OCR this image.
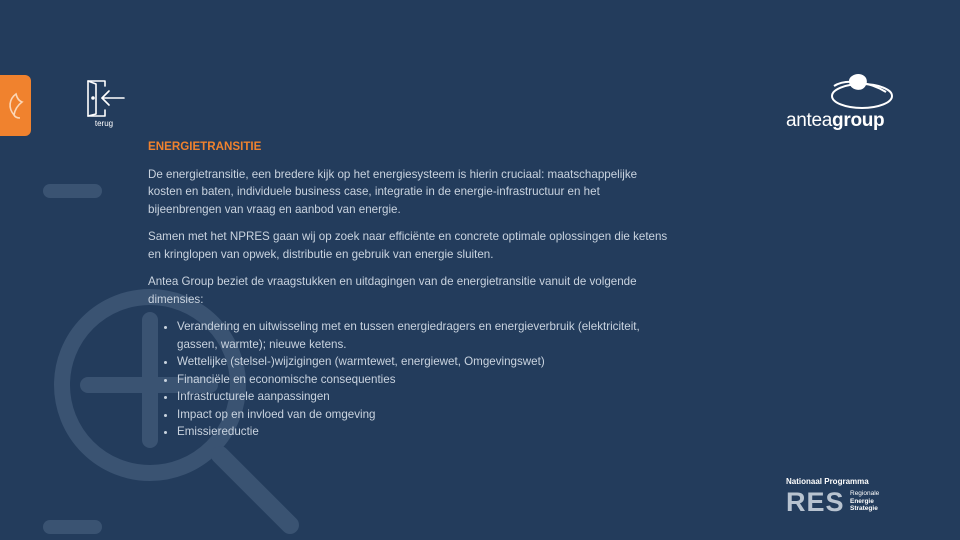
terug	anteagroup
ENERGIETRANSITIE

De energietransitie, een bredere kijk op het energiesysteem is hierin cruciaal: maatschappelijke kosten en baten, individuele business case, integratie in de energie-infrastructuur en het bijeenbrengen van vraag en aanbod van energie.

Samen met het NPRES gaan wij op zoek naar efficiënte en concrete optimale oplossingen die ketens en kringlopen van opwek, distributie en gebruik van energie sluiten.

Antea Group beziet de vraagstukken en uitdagingen van de energietransitie vanuit de volgende dimensies:

• Verandering en uitwisseling met en tussen energiedragers en energieverbruik (elektriciteit, gassen, warmte); nieuwe ketens.
• Wettelijke (stelsel-)wijzigingen (warmtewet, energiewet, Omgevingswet)
• Financiële en economische consequenties
• Infrastructurele aanpassingen
• Impact op en invloed van de omgeving
• Emissiereductie
Nationaal Programma
RES Regionale
Energie
Strategie
